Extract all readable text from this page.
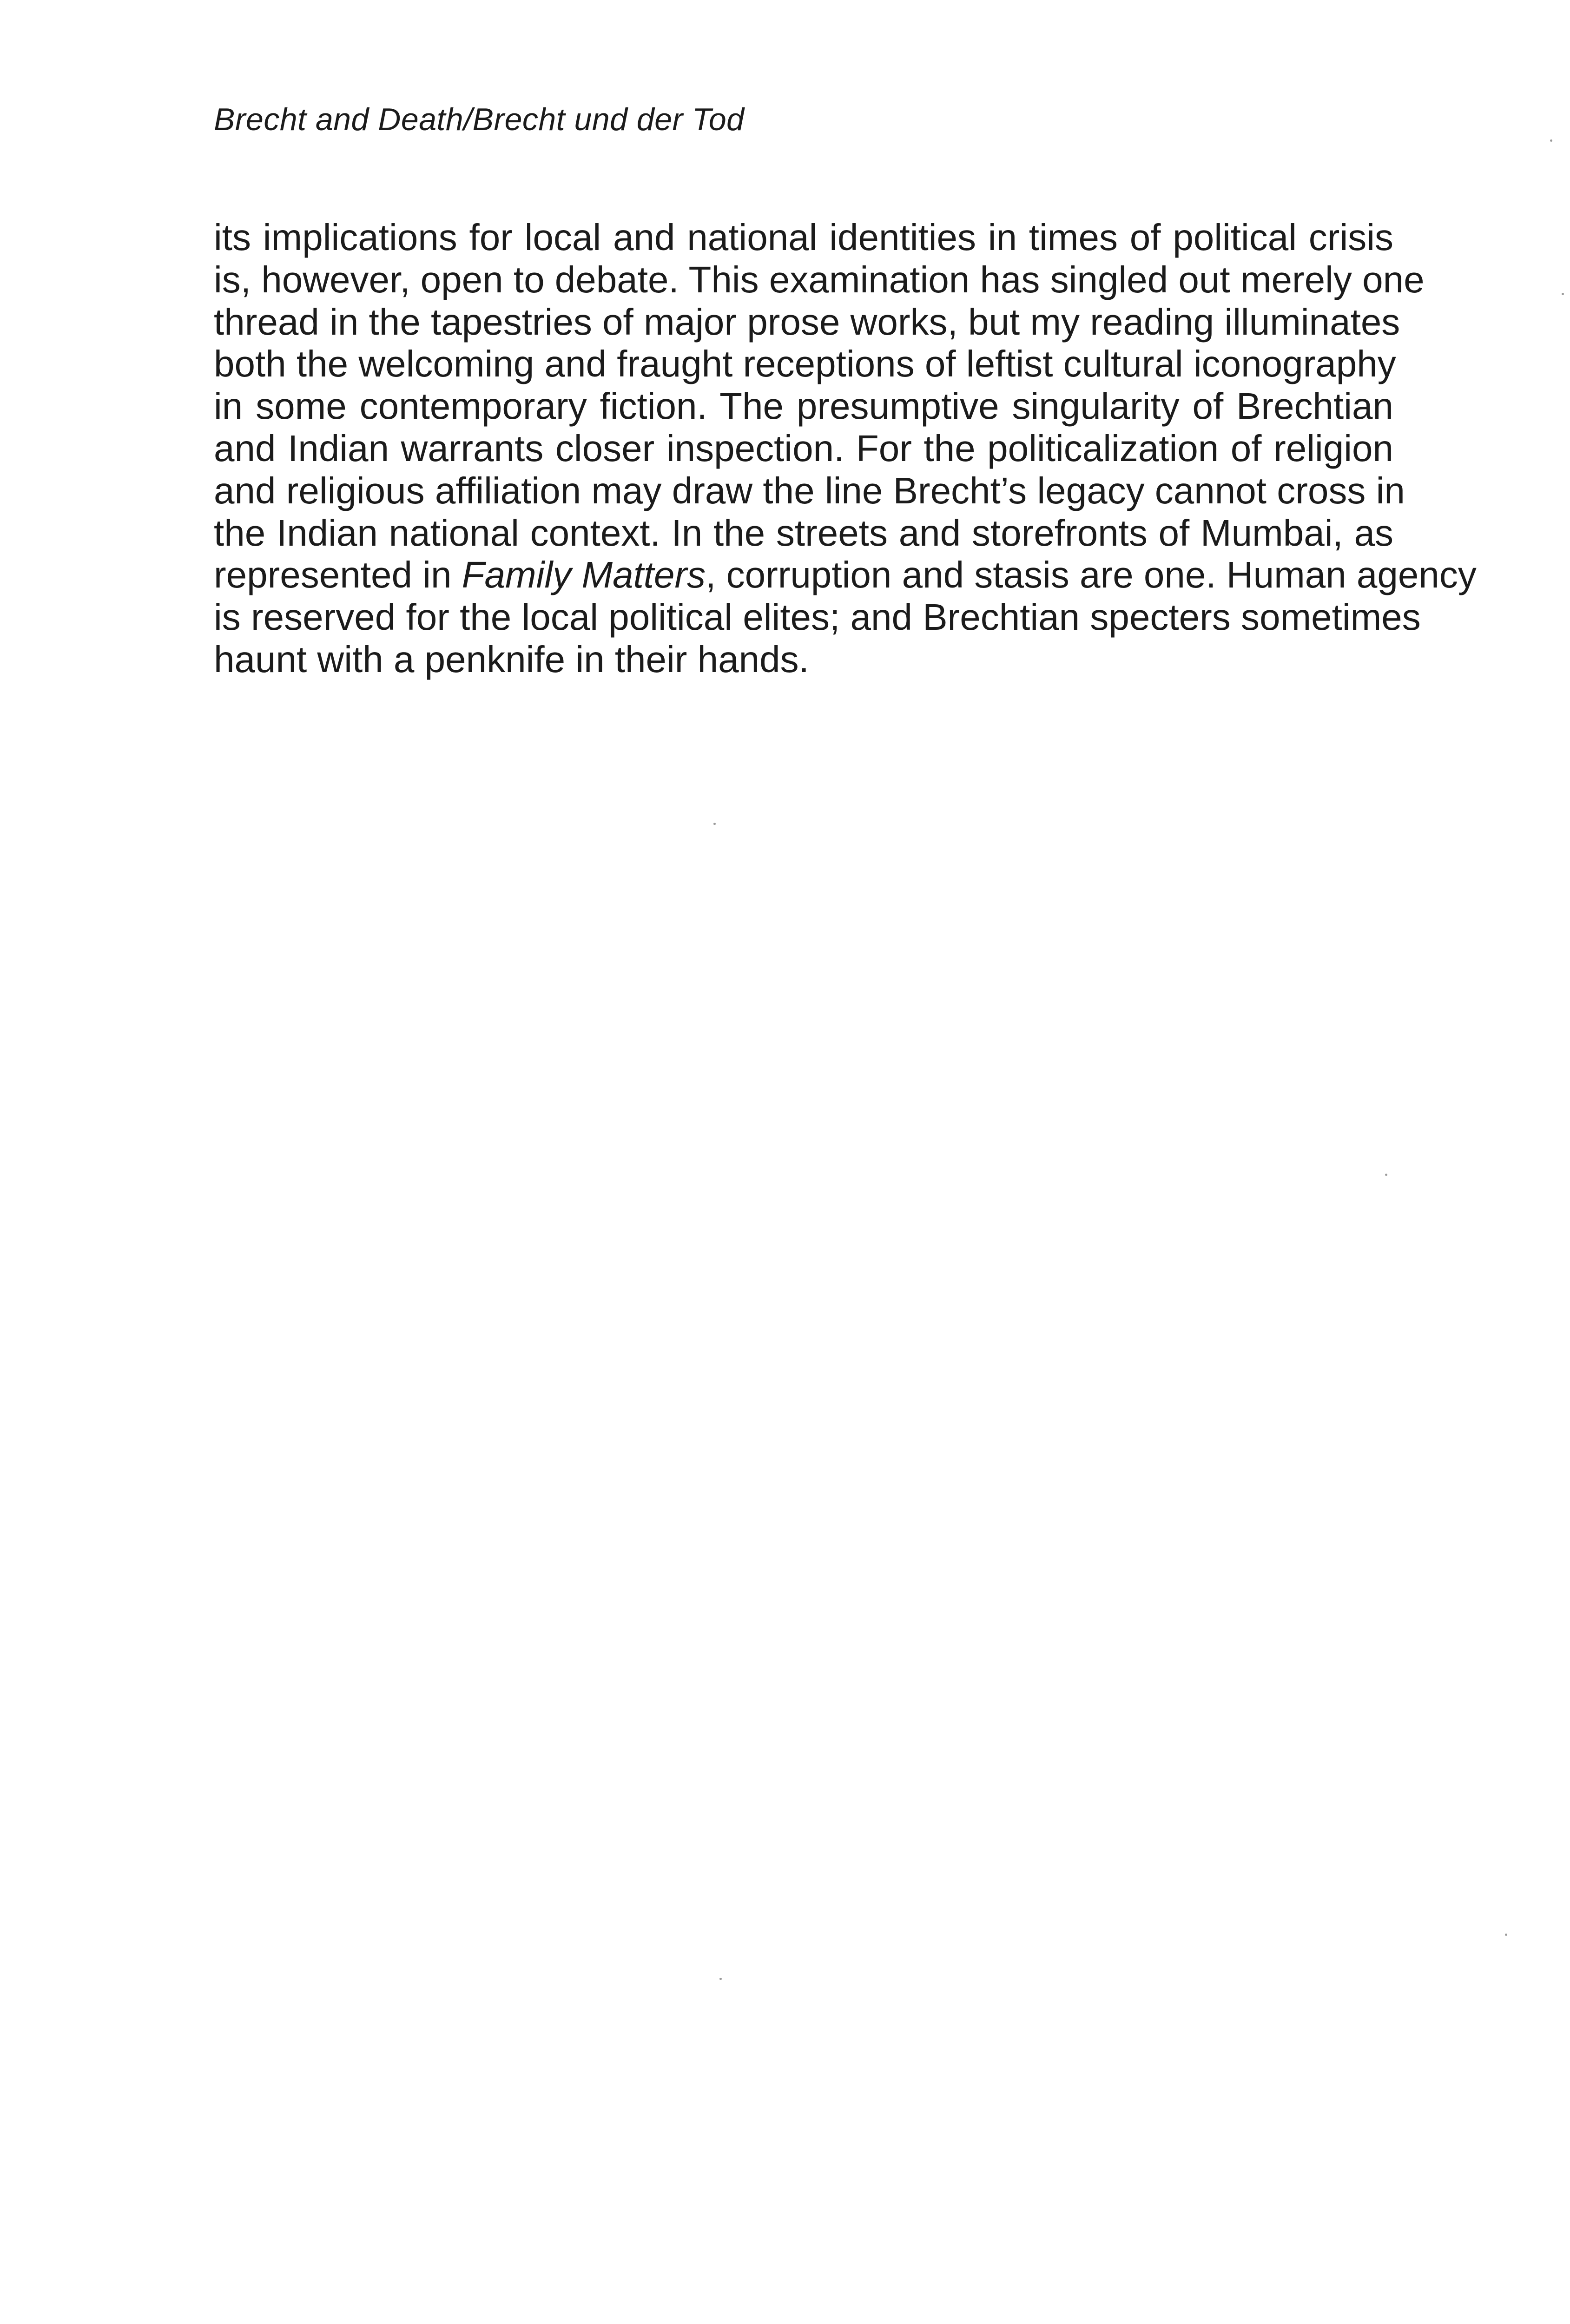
Brecht and Death/Brecht und der Tod
its implications for local and national identities in times of political crisis
is, however, open to debate. This examination has singled out merely one
thread in the tapestries of major prose works, but my reading illuminates
both the welcoming and fraught receptions of leftist cultural iconography
in some contemporary fiction. The presumptive singularity of Brechtian
and Indian warrants closer inspection. For the politicalization of religion
and religious affiliation may draw the line Brecht’s legacy cannot cross in
the Indian national context. In the streets and storefronts of Mumbai, as
represented in Family Matters, corruption and stasis are one. Human agency
is reserved for the local political elites; and Brechtian specters sometimes
haunt with a penknife in their hands.
